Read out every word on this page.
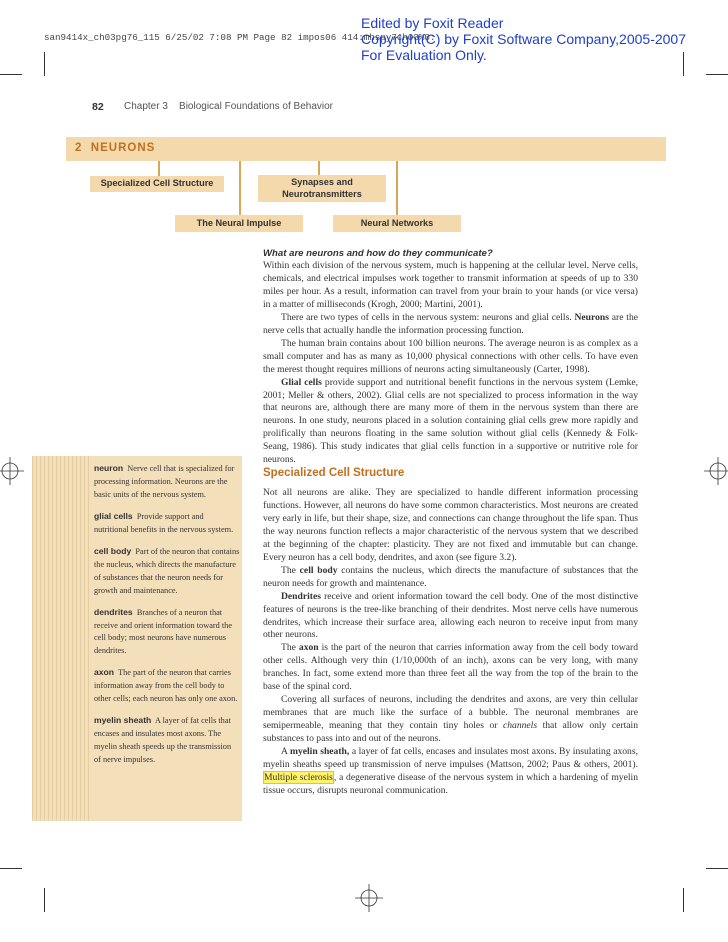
san9414x_ch03pg76_115 6/25/02 7:08 PM Page 82 impos06 414:mhspy7ch03%0:
Edited by Foxit Reader
Copyright(C) by Foxit Software Company,2005-2007
For Evaluation Only.
82 Chapter 3    Biological Foundations of Behavior
2 NEURONS
Specialized Cell Structure	Synapses and
Neurotransmitters
The Neural Impulse	Neural Networks
What are neurons and how do they communicate?

Within each division of the nervous system, much is happening at the cellular level. Nerve cells, chemicals, and electrical impulses work together to transmit information at speeds of up to 330 miles per hour. As a result, information can travel from your brain to your hands (or vice versa) in a matter of milliseconds (Krogh, 2000; Martini, 2001).

There are two types of cells in the nervous system: neurons and glial cells. Neurons are the nerve cells that actually handle the information processing function.

The human brain contains about 100 billion neurons. The average neuron is as complex as a small computer and has as many as 10,000 physical connections with other cells. To have even the merest thought requires millions of neurons acting simultaneously (Carter, 1998).

Glial cells provide support and nutritional benefit functions in the nervous system (Lemke, 2001; Meller & others, 2002). Glial cells are not specialized to process information in the way that neurons are, although there are many more of them in the nervous system than there are neurons. In one study, neurons placed in a solution containing glial cells grew more rapidly and prolifically than neurons floating in the same solution without glial cells (Kennedy & Folk-Seang, 1986). This study indicates that glial cells function in a supportive or nutritive role for neurons.

Specialized Cell Structure

Not all neurons are alike. They are specialized to handle different information processing functions. However, all neurons do have some common characteristics. Most neurons are created very early in life, but their shape, size, and connections can change throughout the life span. Thus the way neurons function reflects a major characteristic of the nervous system that we described at the beginning of the chapter: plasticity. They are not fixed and immutable but can change. Every neuron has a cell body, dendrites, and axon (see figure 3.2).

The cell body contains the nucleus, which directs the manufacture of substances that the neuron needs for growth and maintenance.

Dendrites receive and orient information toward the cell body. One of the most distinctive features of neurons is the tree-like branching of their dendrites. Most nerve cells have numerous dendrites, which increase their surface area, allowing each neuron to receive input from many other neurons.

The axon is the part of the neuron that carries information away from the cell body toward other cells. Although very thin (1/10,000th of an inch), axons can be very long, with many branches. In fact, some extend more than three feet all the way from the top of the brain to the base of the spinal cord.

Covering all surfaces of neurons, including the dendrites and axons, are very thin cellular membranes that are much like the surface of a bubble. The neuronal membranes are semipermeable, meaning that they contain tiny holes or channels that allow only certain substances to pass into and out of the neurons.

A myelin sheath, a layer of fat cells, encases and insulates most axons. By insulating axons, myelin sheaths speed up transmission of nerve impulses (Mattson, 2002; Paus & others, 2001). Multiple sclerosis, a degenerative disease of the nervous system in which a hardening of myelin tissue occurs, disrupts neuronal communication.

neuron Nerve cell that is specialized for processing information. Neurons are the basic units of the nervous system.

glial cells Provide support and nutritional benefits in the nervous system.

cell body Part of the neuron that contains the nucleus, which directs the manufacture of substances that the neuron needs for growth and maintenance.

dendrites Branches of a neuron that receive and orient information toward the cell body; most neurons have numerous dendrites.

axon The part of the neuron that carries information away from the cell body to other cells; each neuron has only one axon.

myelin sheath A layer of fat cells that encases and insulates most axons. The myelin sheath speeds up the transmission of nerve impulses.
